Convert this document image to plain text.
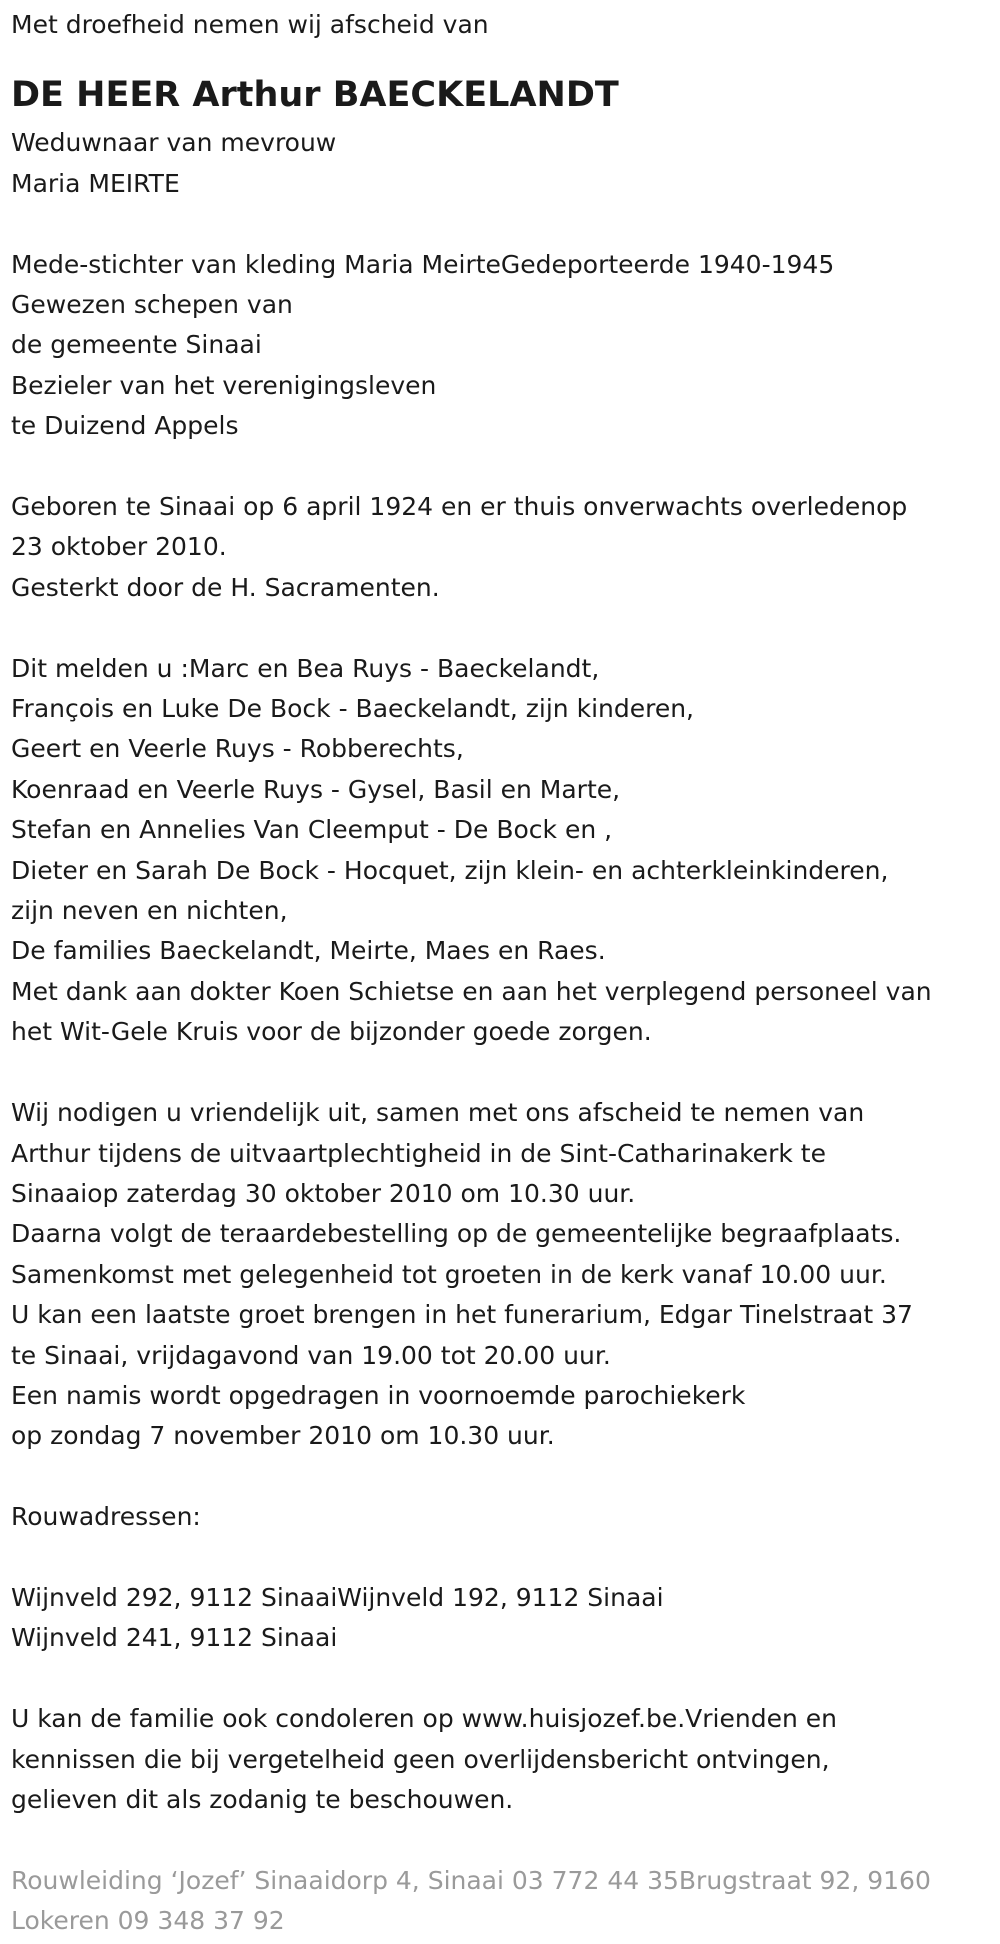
Met droefheid nemen wij afscheid van
DE HEER Arthur BAECKELANDT
Weduwnaar van mevrouw
Maria MEIRTE
Mede-stichter van kleding Maria MeirteGedeporteerde 1940-1945
Gewezen schepen van
de gemeente Sinaai
Bezieler van het verenigingsleven
te Duizend Appels
Geboren te Sinaai op 6 april 1924 en er thuis onverwachts overledenop
23 oktober 2010.
Gesterkt door de H. Sacramenten.
Dit melden u :Marc en Bea Ruys - Baeckelandt,
François en Luke De Bock - Baeckelandt, zijn kinderen,
Geert en Veerle Ruys - Robberechts,
Koenraad en Veerle Ruys - Gysel, Basil en Marte,
Stefan en Annelies Van Cleemput - De Bock en ,
Dieter en Sarah De Bock - Hocquet, zijn klein- en achterkleinkinderen,
zijn neven en nichten,
De families Baeckelandt, Meirte, Maes en Raes.
Met dank aan dokter Koen Schietse en aan het verplegend personeel van
het Wit-Gele Kruis voor de bijzonder goede zorgen.
Wij nodigen u vriendelijk uit, samen met ons afscheid te nemen van
Arthur tijdens de uitvaartplechtigheid in de Sint-Catharinakerk te
Sinaaiop zaterdag 30 oktober 2010 om 10.30 uur.
Daarna volgt de teraardebestelling op de gemeentelijke begraafplaats.
Samenkomst met gelegenheid tot groeten in de kerk vanaf 10.00 uur.
U kan een laatste groet brengen in het funerarium, Edgar Tinelstraat 37
te Sinaai, vrijdagavond van 19.00 tot 20.00 uur.
Een namis wordt opgedragen in voornoemde parochiekerk
op zondag 7 november 2010 om 10.30 uur.
Rouwadressen:
Wijnveld 292, 9112 SinaaiWijnveld 192, 9112 Sinaai
Wijnveld 241, 9112 Sinaai
U kan de familie ook condoleren op www.huisjozef.be.Vrienden en
kennissen die bij vergetelheid geen overlijdensbericht ontvingen,
gelieven dit als zodanig te beschouwen.
Rouwleiding ‘Jozef’ Sinaaidorp 4, Sinaai 03 772 44 35Brugstraat 92, 9160
Lokeren 09 348 37 92
